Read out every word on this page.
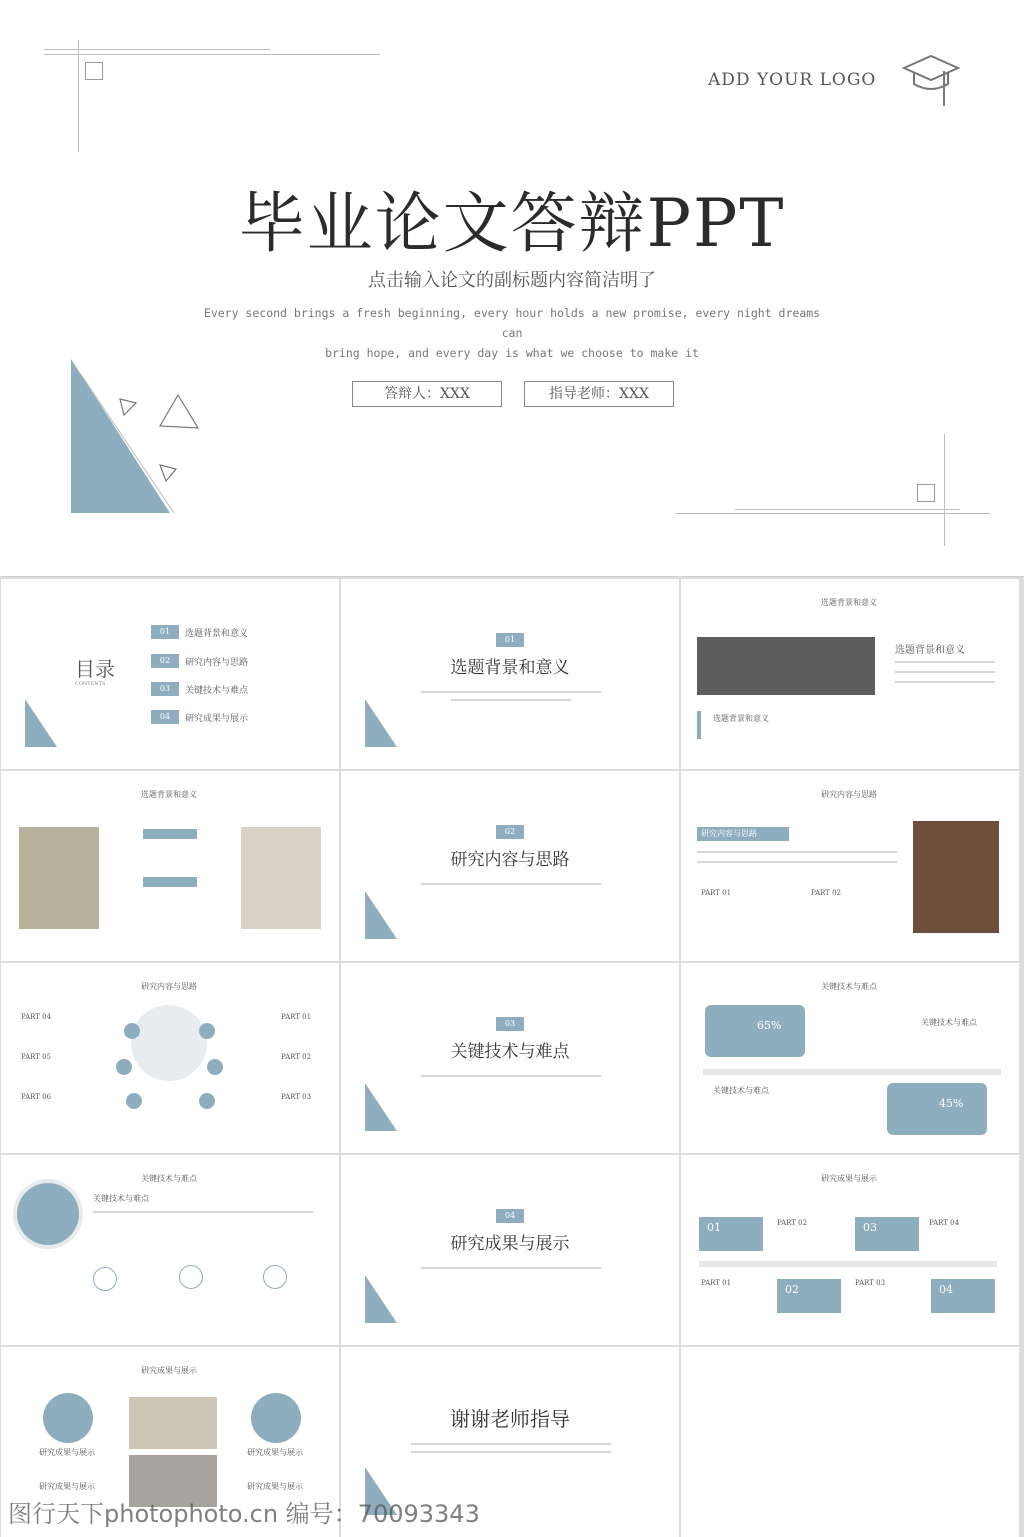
ADD YOUR LOGO
毕业论文答辩PPT
点击输入论文的副标题内容简洁明了
Every second brings a fresh beginning, every hour holds a new promise, every night dreams can
bring hope, and every day is what we choose to make it
答辩人：XXX	指导老师：XXX
目录
CONTENTS
01	选题背景和意义
02	研究内容与思路
03	关键技术与难点
04	研究成果与展示
01
选题背景和意义
选题背景和意义
选题背景和意义
选题背景和意义
选题背景和意义
02
研究内容与思路
研究内容与思路
研究内容与思路
PART 01	PART 02
研究内容与思路
PART 04
PART 05
PART 06
PART 01
PART 02
PART 03
03
关键技术与难点
关键技术与难点
65%	关键技术与难点
关键技术与难点
45%
关键技术与难点
关键技术与难点
04
研究成果与展示
研究成果与展示
01	PART 02	03	PART 04
PART 01	02	PART 03	04
研究成果与展示
研究成果与展示
研究成果与展示
研究成果与展示
研究成果与展示
谢谢老师指导
图行天下photophoto.cn 编号：70093343
